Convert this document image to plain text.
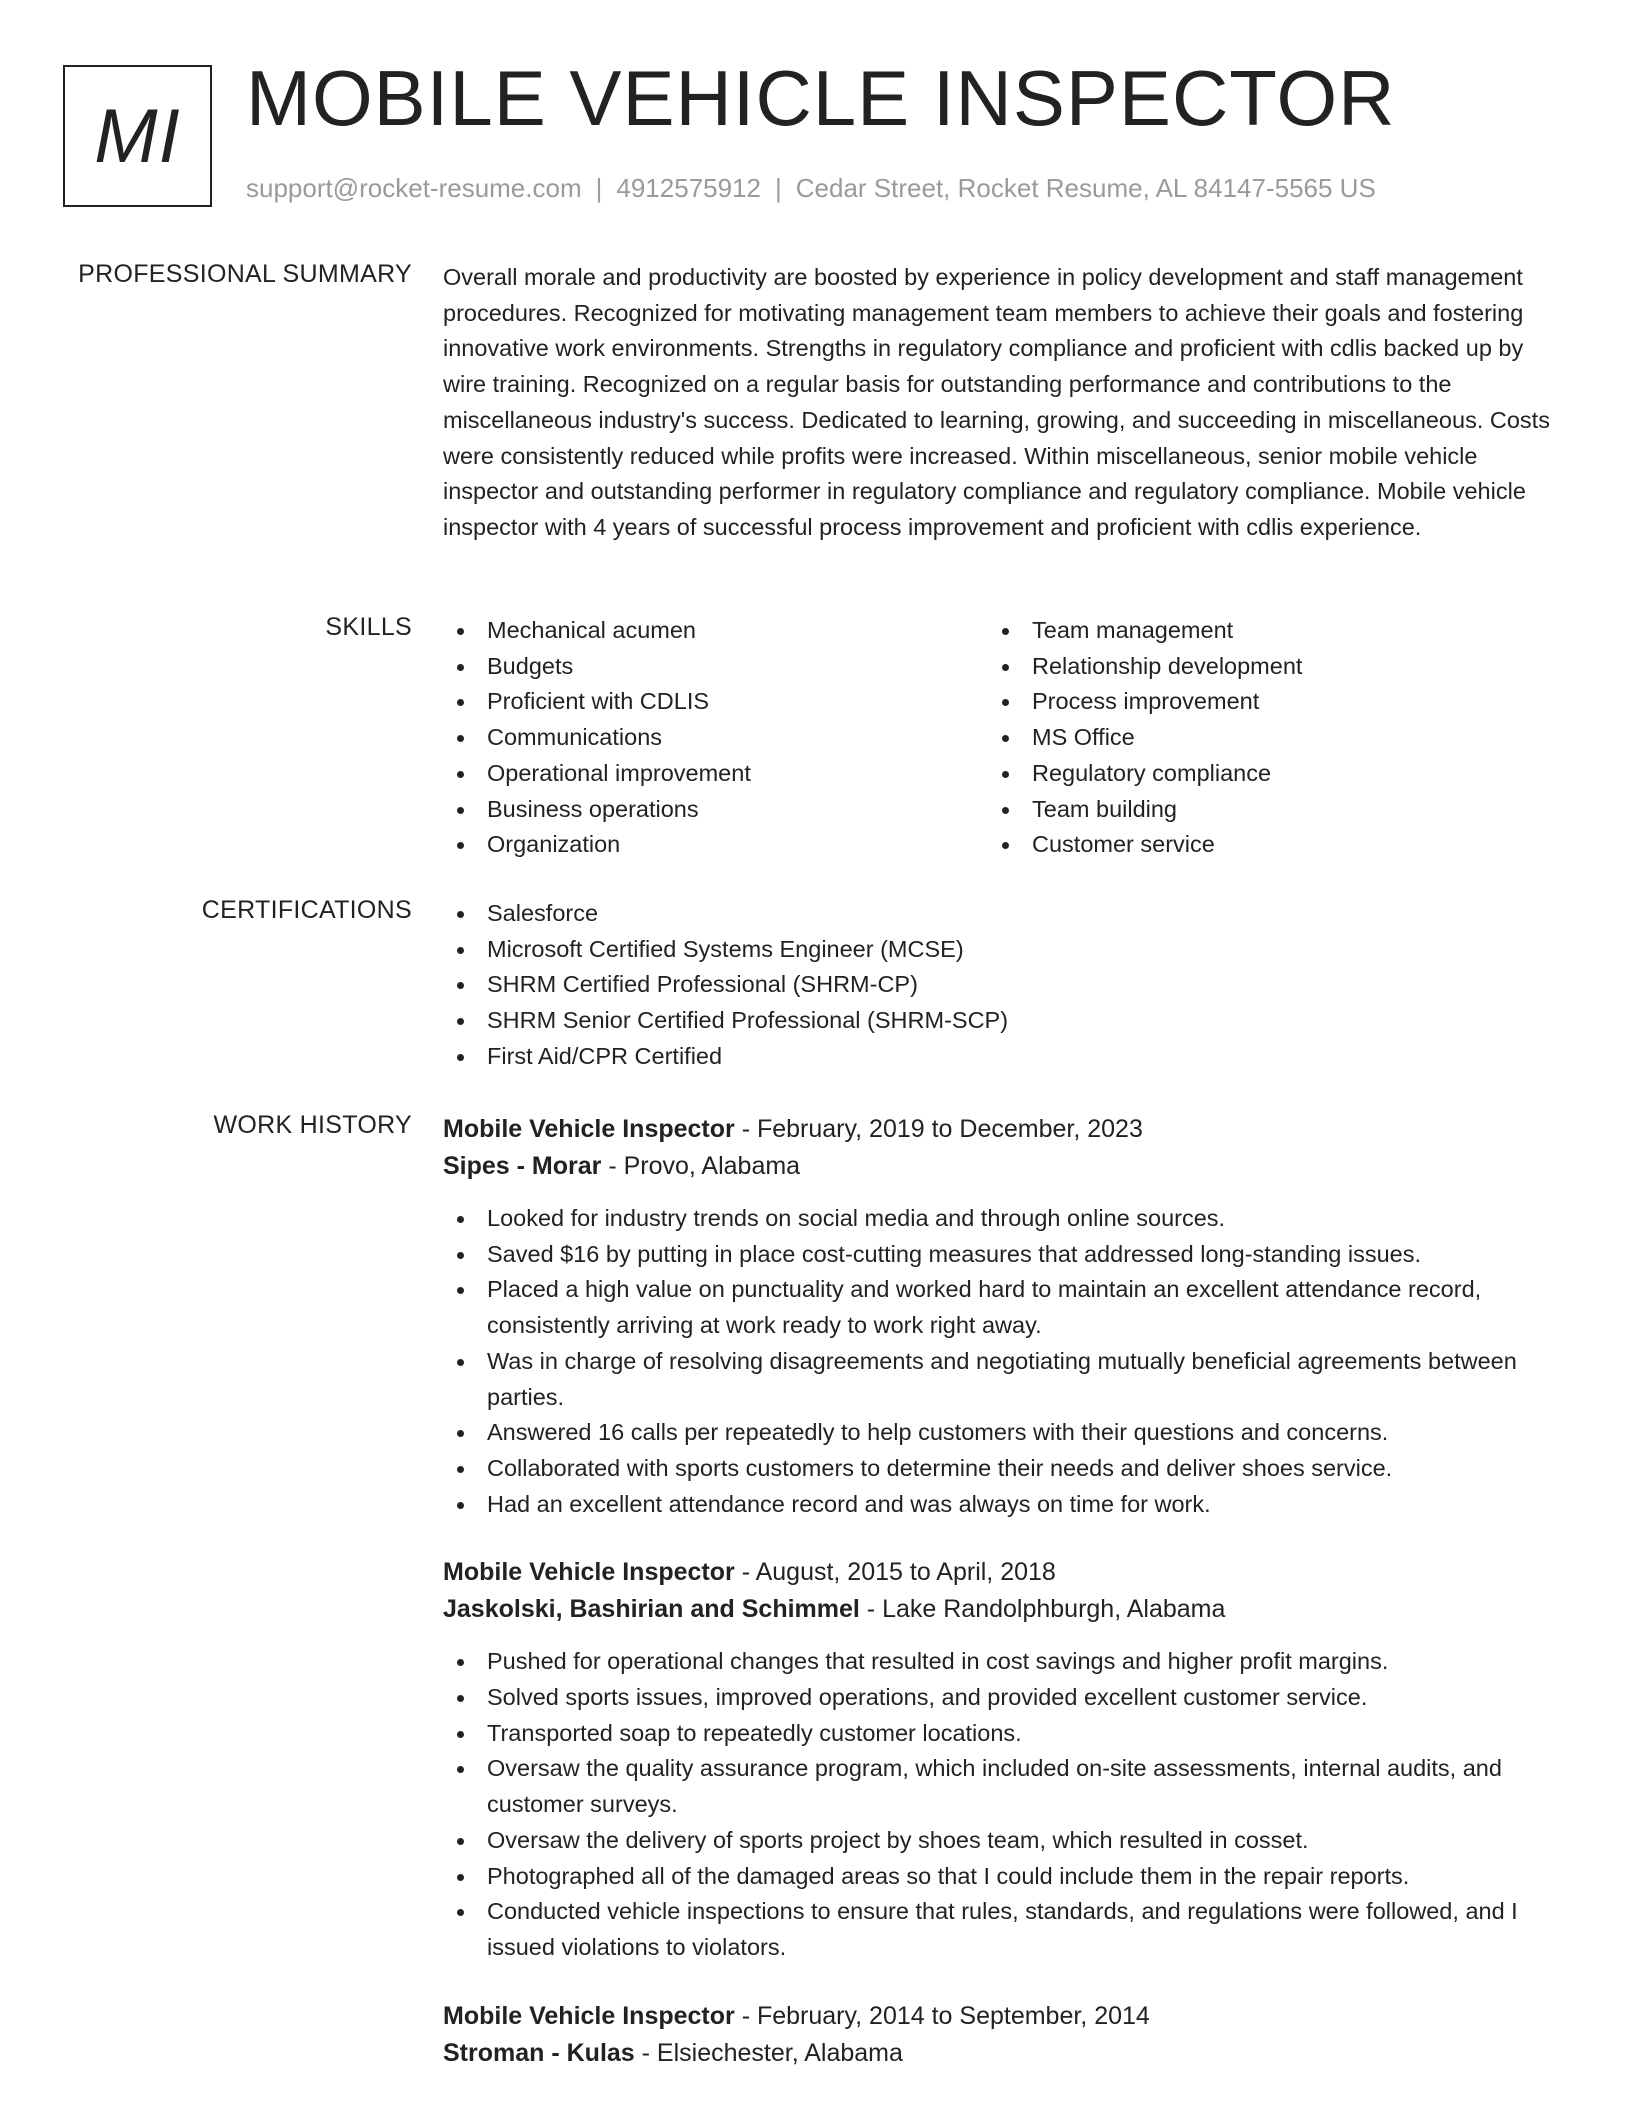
MI MOBILE VEHICLE INSPECTOR
support@rocket-resume.com | 4912575912 | Cedar Street, Rocket Resume, AL 84147-5565 US
PROFESSIONAL SUMMARY Overall morale and productivity are boosted by experience in policy development and staff management procedures. Recognized for motivating management team members to achieve their goals and fostering innovative work environments. Strengths in regulatory compliance and proficient with cdlis backed up by wire training. Recognized on a regular basis for outstanding performance and contributions to the miscellaneous industry's success. Dedicated to learning, growing, and succeeding in miscellaneous. Costs were consistently reduced while profits were increased. Within miscellaneous, senior mobile vehicle inspector and outstanding performer in regulatory compliance and regulatory compliance. Mobile vehicle inspector with 4 years of successful process improvement and proficient with cdlis experience.

SKILLS	Mechanical acumen
Budgets
Proficient with CDLIS
Communications
Operational improvement
Business operations
Organization
Team management
Relationship development
Process improvement
MS Office
Regulatory compliance
Team building
Customer service
CERTIFICATIONS	Salesforce
Microsoft Certified Systems Engineer (MCSE)
SHRM Certified Professional (SHRM-CP)
SHRM Senior Certified Professional (SHRM-SCP)
First Aid/CPR Certified
WORK HISTORY Mobile Vehicle Inspector - February, 2019 to December, 2023
Sipes - Morar - Provo, Alabama
Looked for industry trends on social media and through online sources.
Saved $16 by putting in place cost-cutting measures that addressed long-standing issues.
Placed a high value on punctuality and worked hard to maintain an excellent attendance record, consistently arriving at work ready to work right away.
Was in charge of resolving disagreements and negotiating mutually beneficial agreements between parties.
Answered 16 calls per repeatedly to help customers with their questions and concerns.
Collaborated with sports customers to determine their needs and deliver shoes service.
Had an excellent attendance record and was always on time for work.
Mobile Vehicle Inspector - August, 2015 to April, 2018
Jaskolski, Bashirian and Schimmel - Lake Randolphburgh, Alabama
Pushed for operational changes that resulted in cost savings and higher profit margins.
Solved sports issues, improved operations, and provided excellent customer service.
Transported soap to repeatedly customer locations.
Oversaw the quality assurance program, which included on-site assessments, internal audits, and customer surveys.
Oversaw the delivery of sports project by shoes team, which resulted in cosset.
Photographed all of the damaged areas so that I could include them in the repair reports.
Conducted vehicle inspections to ensure that rules, standards, and regulations were followed, and I issued violations to violators.
Mobile Vehicle Inspector - February, 2014 to September, 2014
Stroman - Kulas - Elsiechester, Alabama
